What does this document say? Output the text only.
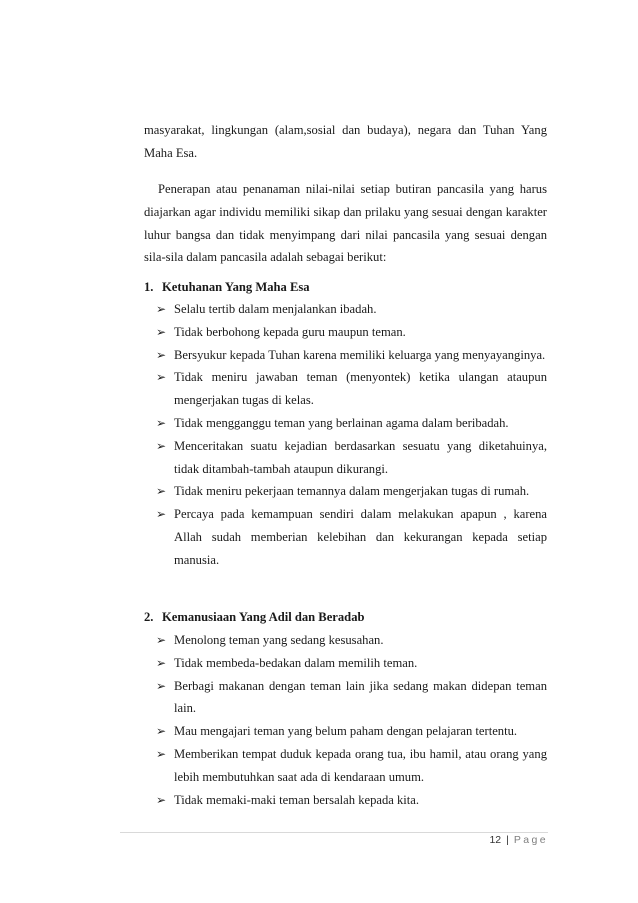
masyarakat, lingkungan (alam,sosial dan budaya), negara dan Tuhan Yang Maha Esa.

Penerapan atau penanaman nilai-nilai setiap butiran pancasila yang harus diajarkan agar individu memiliki sikap dan prilaku yang sesuai dengan karakter luhur bangsa dan tidak menyimpang dari nilai pancasila yang sesuai dengan sila-sila dalam pancasila adalah sebagai berikut:

1. Ketuhanan Yang Maha Esa

➢ Selalu tertib dalam menjalankan ibadah.
➢ Tidak berbohong kepada guru maupun teman.
➢ Bersyukur kepada Tuhan karena memiliki keluarga yang menyayanginya.
➢ Tidak meniru jawaban teman (menyontek) ketika ulangan ataupun mengerjakan tugas di kelas.
➢ Tidak mengganggu teman yang berlainan agama dalam beribadah.
➢ Menceritakan suatu kejadian berdasarkan sesuatu yang diketahuinya, tidak ditambah-tambah ataupun dikurangi.
➢ Tidak meniru pekerjaan temannya dalam mengerjakan tugas di rumah.
➢ Percaya pada kemampuan sendiri dalam melakukan apapun , karena Allah sudah memberian kelebihan dan kekurangan kepada setiap manusia.

2. Kemanusiaan Yang Adil dan Beradab

➢ Menolong teman yang sedang kesusahan.
➢ Tidak membeda-bedakan dalam memilih teman.
➢ Berbagi makanan dengan teman lain jika sedang makan didepan teman lain.
➢ Mau mengajari teman yang belum paham dengan pelajaran tertentu.
➢ Memberikan tempat duduk kepada orang tua, ibu hamil, atau orang yang lebih membutuhkan saat ada di kendaraan umum.
➢ Tidak memaki-maki teman bersalah kepada kita.
12 | Page
